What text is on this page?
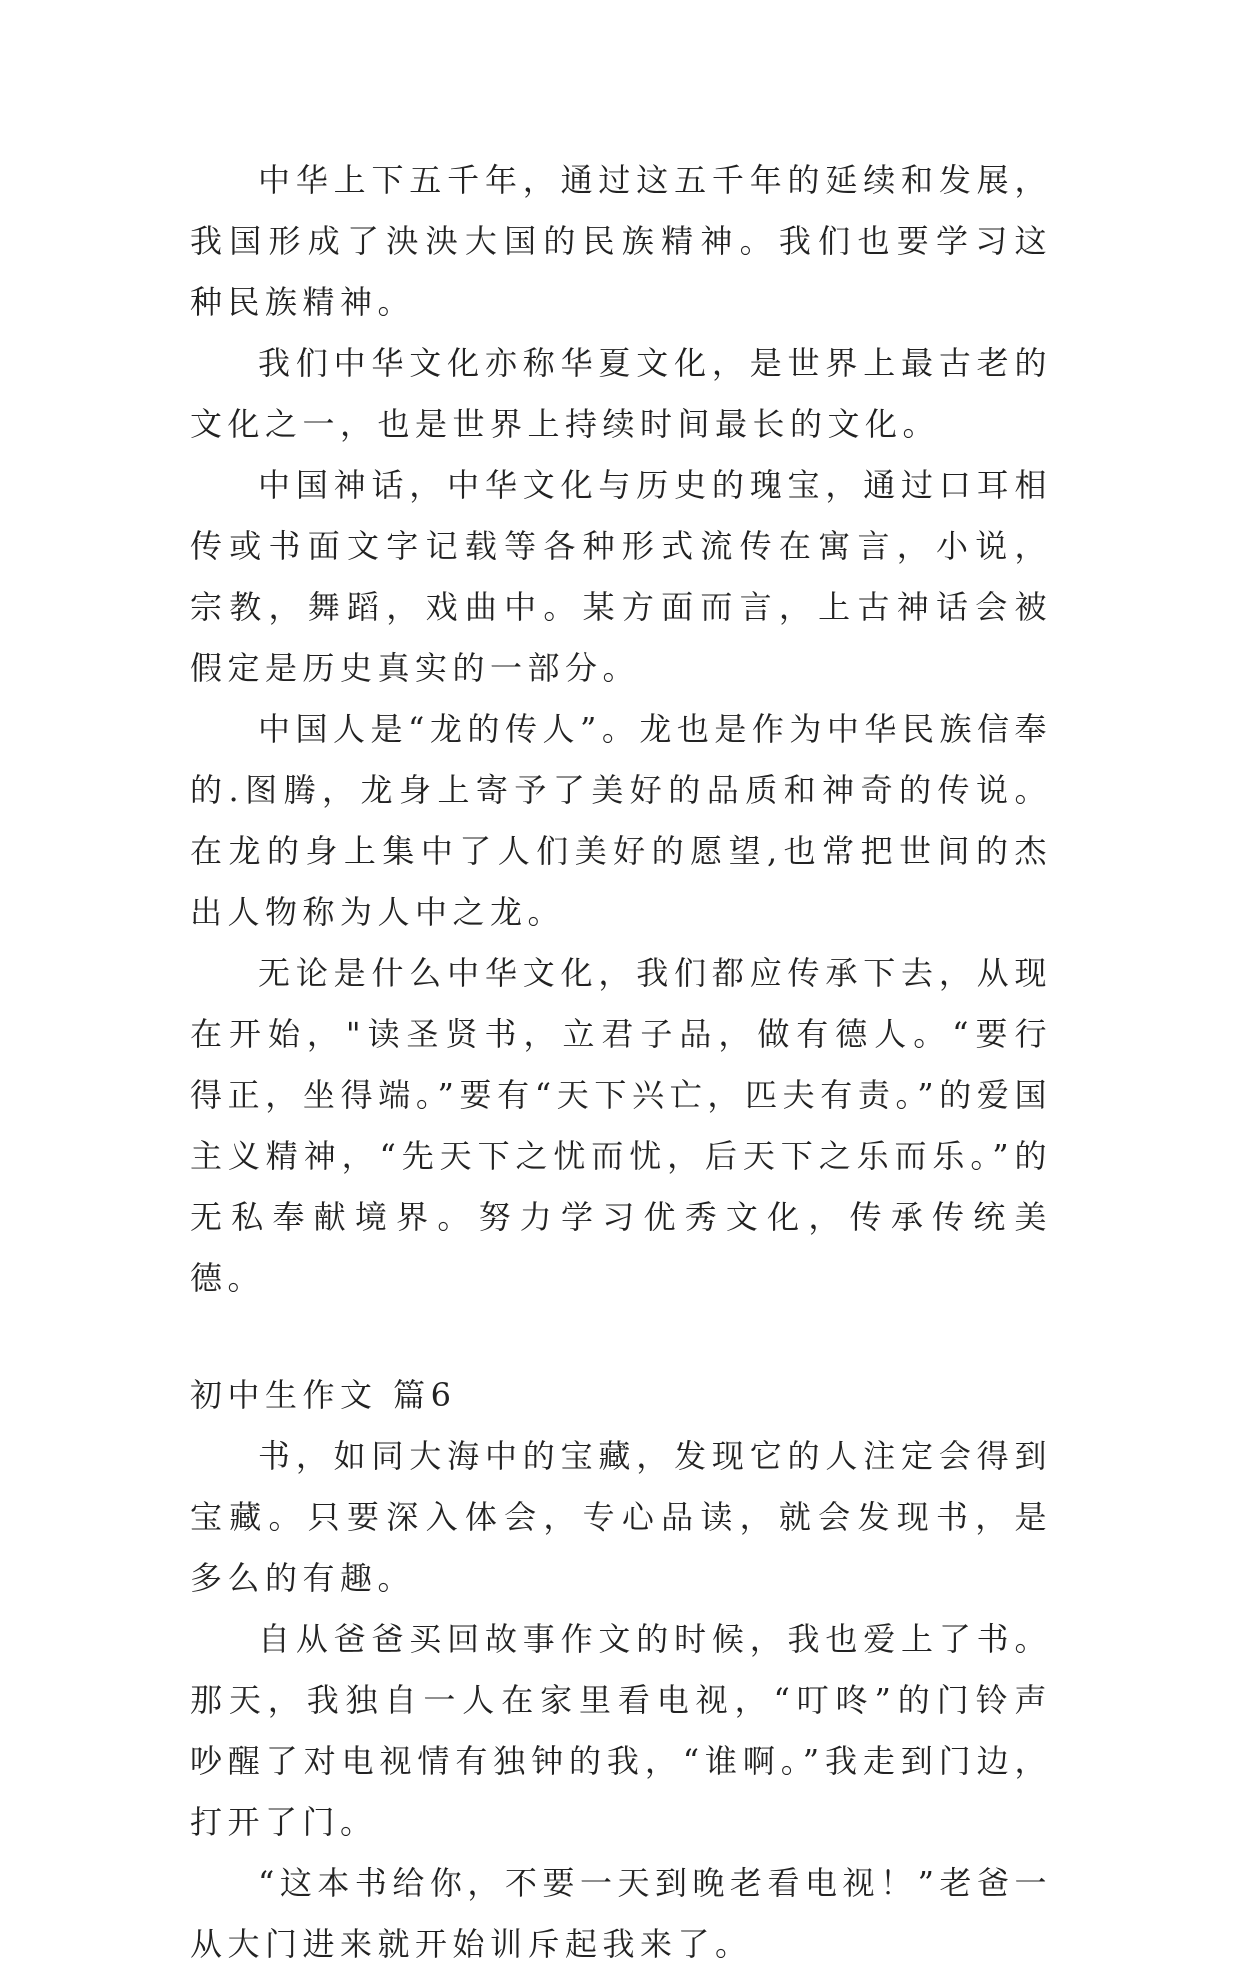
中华上下五千年，通过这五千年的延续和发展，我国形成了泱泱大国的民族精神。我们也要学习这种民族精神。

我们中华文化亦称华夏文化，是世界上最古老的文化之一，也是世界上持续时间最长的文化。

中国神话，中华文化与历史的瑰宝，通过口耳相传或书面文字记载等各种形式流传在寓言，小说，宗教，舞蹈，戏曲中。某方面而言，上古神话会被假定是历史真实的一部分。

中国人是“龙的传人”。龙也是作为中华民族信奉的.图腾，龙身上寄予了美好的品质和神奇的传说。在龙的身上集中了人们美好的愿望,也常把世间的杰出人物称为人中之龙。

无论是什么中华文化，我们都应传承下去，从现在开始，"读圣贤书，立君子品，做有德人。“要行得正，坐得端。”要有“天下兴亡，匹夫有责。”的爱国主义精神，“先天下之忧而忧，后天下之乐而乐。”的无私奉献境界。努力学习优秀文化，传承传统美德。

初中生作文 篇6

书，如同大海中的宝藏，发现它的人注定会得到宝藏。只要深入体会，专心品读，就会发现书，是多么的有趣。

自从爸爸买回故事作文的时候，我也爱上了书。那天，我独自一人在家里看电视，“叮咚”的门铃声吵醒了对电视情有独钟的我，“谁啊。”我走到门边，打开了门。

“这本书给你，不要一天到晚老看电视！”老爸一从大门进来就开始训斥起我来了。
